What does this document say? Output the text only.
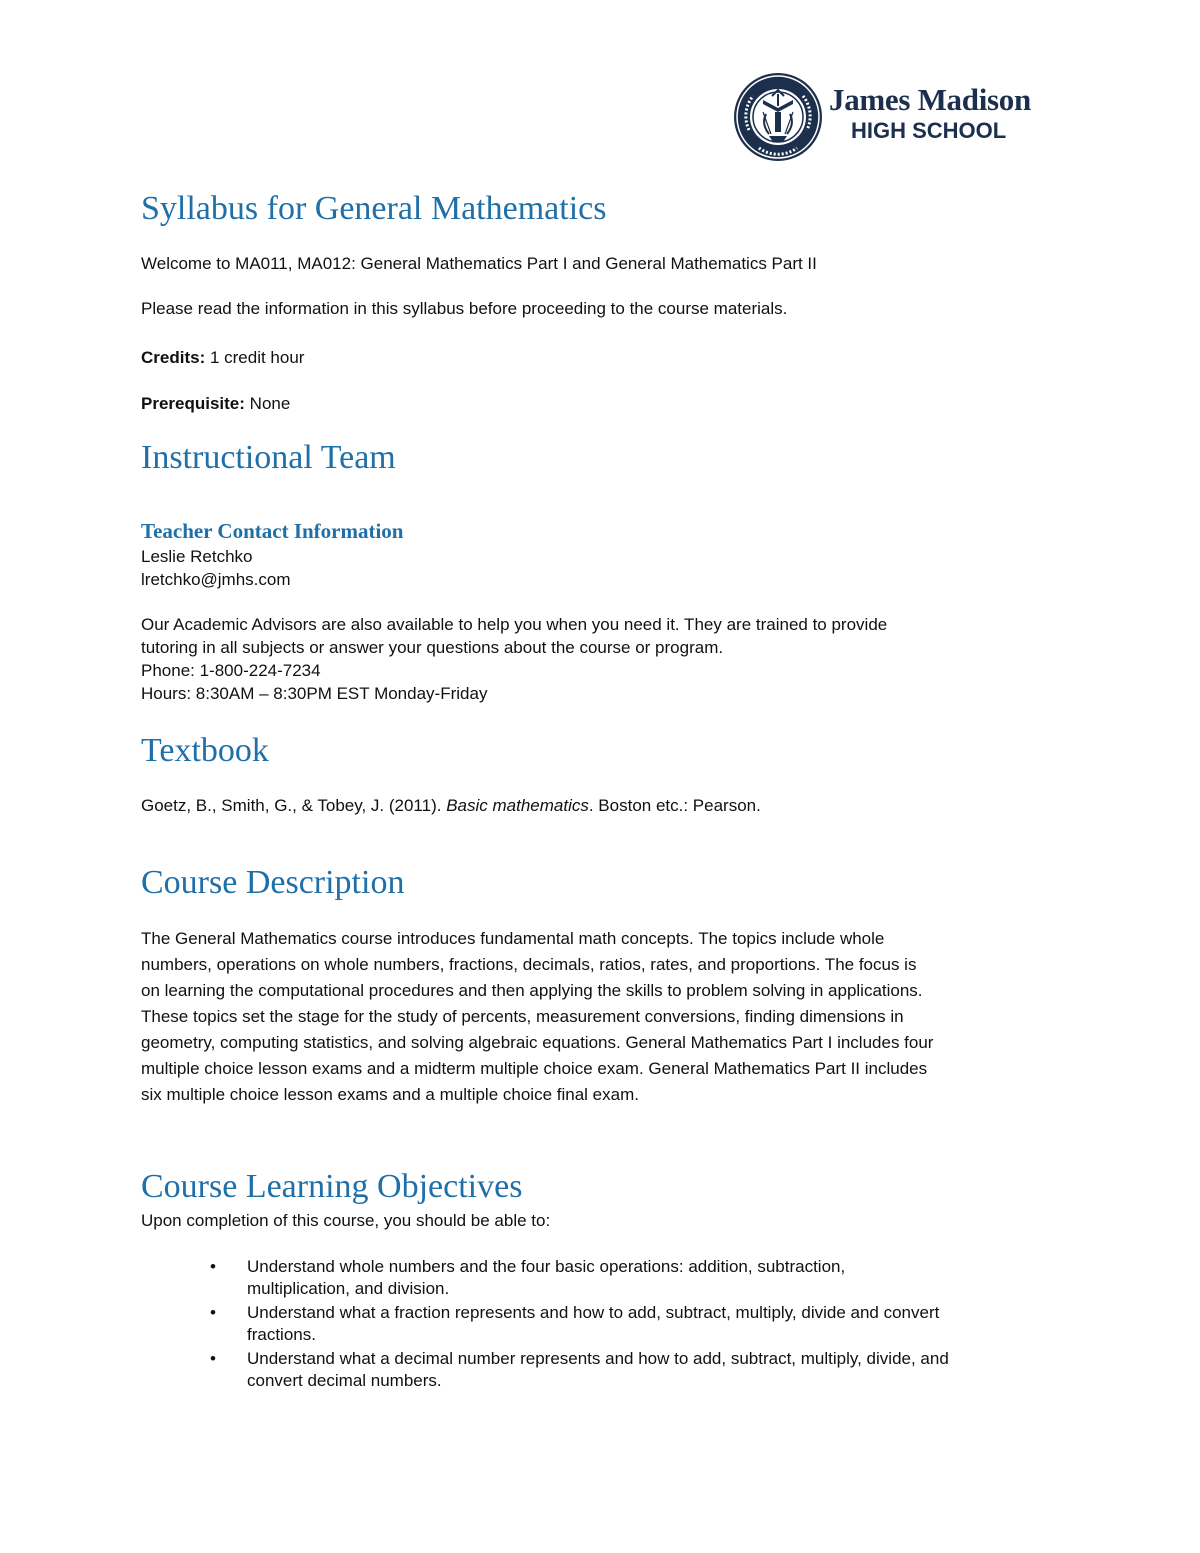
James Madison
HIGH SCHOOL
Syllabus for General Mathematics

Welcome to MA011, MA012: General Mathematics Part I and General Mathematics Part II

Please read the information in this syllabus before proceeding to the course materials.

Credits: 1 credit hour

Prerequisite: None

Instructional Team
Teacher Contact Information

Leslie Retchko

lretchko@jmhs.com

Our Academic Advisors are also available to help you when you need it. They are trained to provide

tutoring in all subjects or answer your questions about the course or program.

Phone: 1-800-224-7234

Hours: 8:30AM – 8:30PM EST Monday-Friday

Textbook

Goetz, B., Smith, G., & Tobey, J. (2011). Basic mathematics. Boston etc.: Pearson.

Course Description
The General Mathematics course introduces fundamental math concepts. The topics include whole
numbers, operations on whole numbers, fractions, decimals, ratios, rates, and proportions. The focus is
on learning the computational procedures and then applying the skills to problem solving in applications.
These topics set the stage for the study of percents, measurement conversions, finding dimensions in
geometry, computing statistics, and solving algebraic equations. General Mathematics Part I includes four
multiple choice lesson exams and a midterm multiple choice exam. General Mathematics Part II includes
six multiple choice lesson exams and a multiple choice final exam.
Course Learning Objectives

Upon completion of this course, you should be able to:

• Understand whole numbers and the four basic operations: addition, subtraction,
multiplication, and division.
• Understand what a fraction represents and how to add, subtract, multiply, divide and convert
fractions.
• Understand what a decimal number represents and how to add, subtract, multiply, divide, and
convert decimal numbers.
